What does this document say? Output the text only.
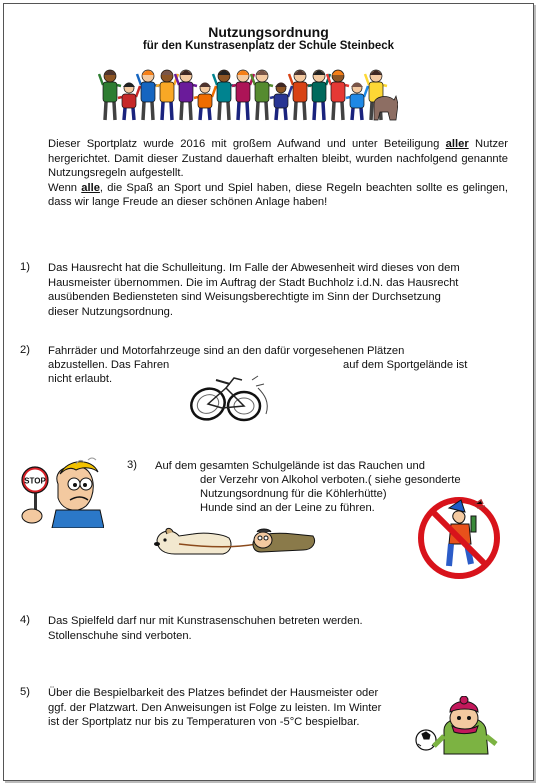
Nutzungsordnung
für den Kunstrasenplatz der Schule Steinbeck

Dieser Sportplatz wurde 2016 mit großem Aufwand und unter Beteiligung aller Nutzer hergerichtet. Damit dieser Zustand dauerhaft erhalten bleibt, wurden nachfolgend genannte Nutzungsregeln aufgestellt.

Wenn alle, die Spaß an Sport und Spiel haben, diese Regeln beachten sollte es gelingen, dass wir lange Freude an dieser schönen Anlage haben!

1) Das Hausrecht hat die Schulleitung. Im Falle der Abwesenheit wird dieses von dem
Hausmeister übernommen. Die im Auftrag der Stadt Buchholz i.d.N. das Hausrecht
ausübenden Bediensteten sind Weisungsberechtigte im Sinn der Durchsetzung
dieser Nutzungsordnung.
2) Fahrräder und Motorfahrzeuge sind an den dafür vorgesehenen Plätzen
abzustellen. Das Fahren	auf dem Sportgelände ist
nicht erlaubt.
STOP
3) Auf dem gesamten Schulgelände ist das Rauchen und
der Verzehr von Alkohol verboten.( siehe gesonderte
Nutzungsordnung für die Köhlerhütte)
Hunde sind an der Leine zu führen.
4) Das Spielfeld darf nur mit Kunstrasenschuhen betreten werden.
Stollenschuhe sind verboten.
5) Über die Bespielbarkeit des Platzes befindet der Hausmeister oder
ggf. der Platzwart. Den Anweisungen ist Folge zu leisten. Im Winter
ist der Sportplatz nur bis zu Temperaturen von -5°C bespielbar.
